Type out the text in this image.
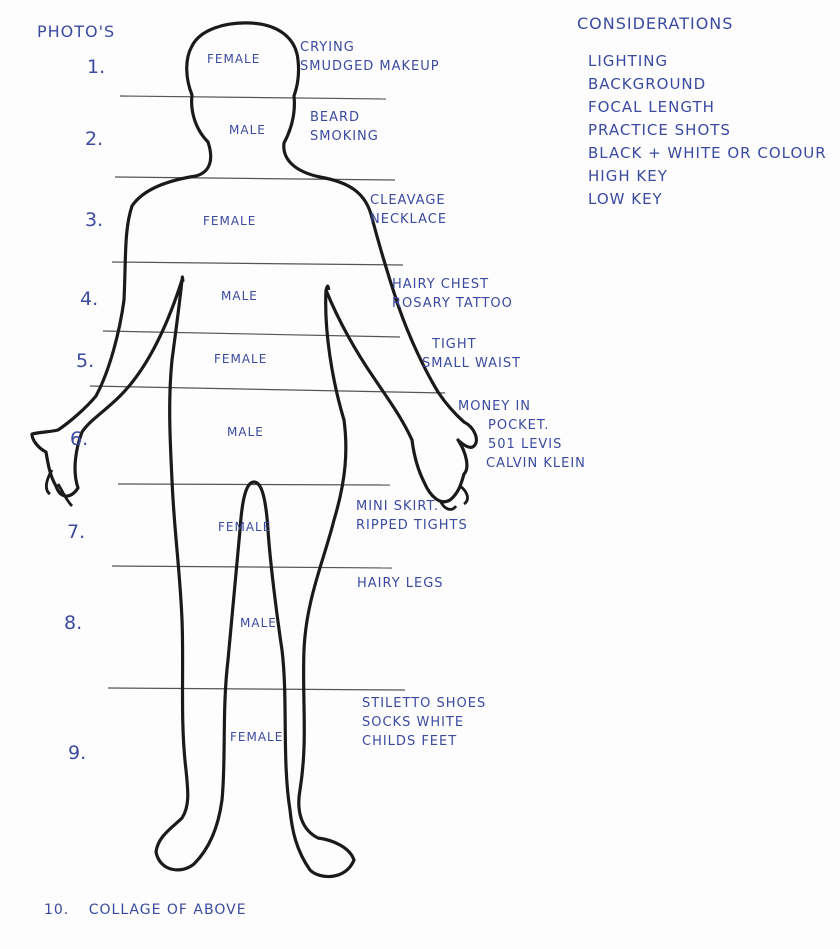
PHOTO'S	CONSIDERATIONS
LIGHTING
BACKGROUND
FOCAL LENGTH
PRACTICE SHOTS
BLACK + WHITE OR COLOUR
HIGH KEY
LOW KEY
1.
2.
3.
4.
5.
6.
7.
8.
9.
FEMALE
MALE
FEMALE
MALE
FEMALE
MALE
FEMALE
MALE
FEMALE
CRYING
SMUDGED MAKEUP
BEARD
SMOKING
CLEAVAGE
NECKLACE
HAIRY CHEST
ROSARY TATTOO
TIGHT
SMALL WAIST
MONEY IN
POCKET.
501 LEVIS
CALVIN KLEIN
MINI SKIRT.
RIPPED TIGHTS
HAIRY LEGS
STILETTO SHOES
SOCKS WHITE
CHILDS FEET
10. COLLAGE OF ABOVE
